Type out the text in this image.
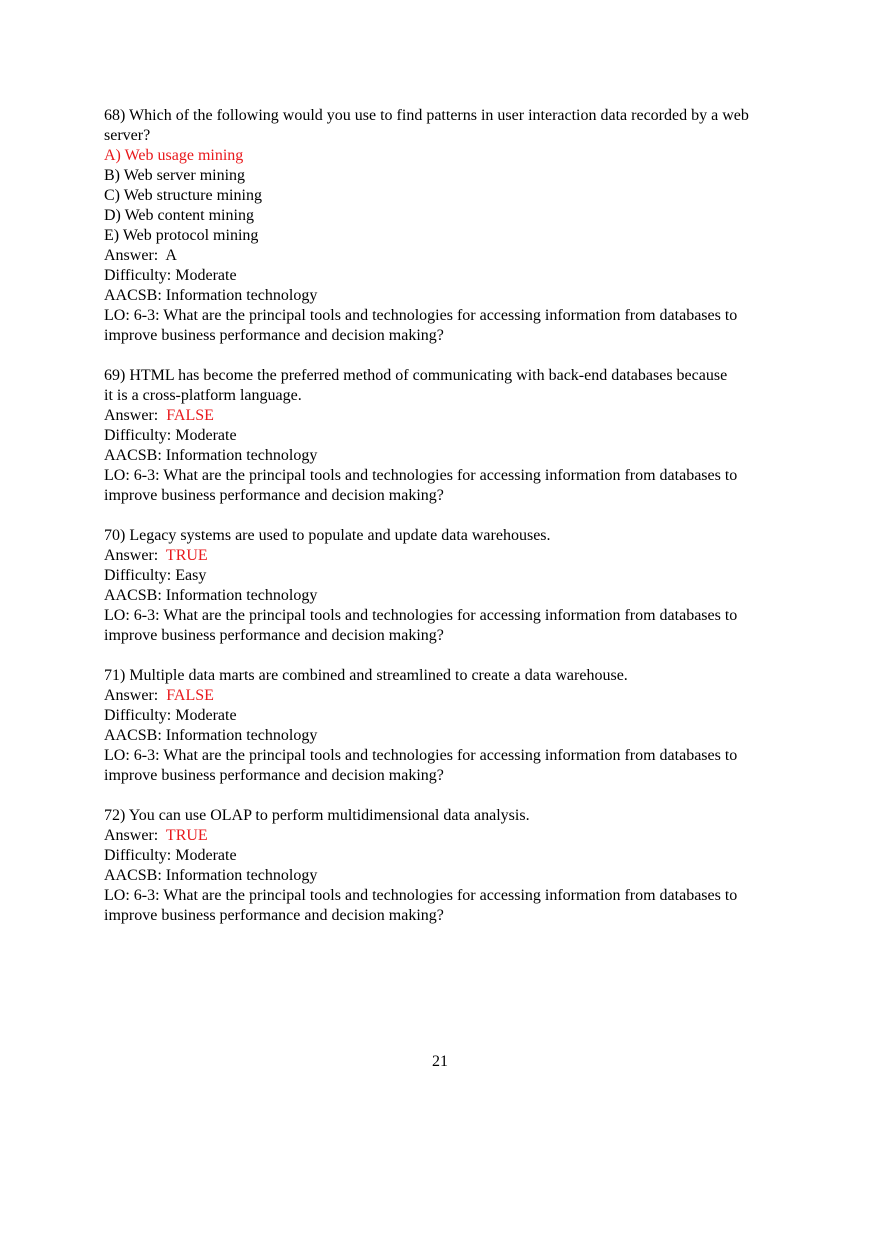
68) Which of the following would you use to find patterns in user interaction data recorded by a web server?
A) Web usage mining
B) Web server mining
C) Web structure mining
D) Web content mining
E) Web protocol mining
Answer:  A
Difficulty: Moderate
AACSB: Information technology
LO: 6-3: What are the principal tools and technologies for accessing information from databases to improve business performance and decision making?
69) HTML has become the preferred method of communicating with back-end databases because it is a cross-platform language.
Answer:  FALSE
Difficulty: Moderate
AACSB: Information technology
LO: 6-3: What are the principal tools and technologies for accessing information from databases to improve business performance and decision making?
70) Legacy systems are used to populate and update data warehouses.
Answer:  TRUE
Difficulty: Easy
AACSB: Information technology
LO: 6-3: What are the principal tools and technologies for accessing information from databases to improve business performance and decision making?
71) Multiple data marts are combined and streamlined to create a data warehouse.
Answer:  FALSE
Difficulty: Moderate
AACSB: Information technology
LO: 6-3: What are the principal tools and technologies for accessing information from databases to improve business performance and decision making?
72) You can use OLAP to perform multidimensional data analysis.
Answer:  TRUE
Difficulty: Moderate
AACSB: Information technology
LO: 6-3: What are the principal tools and technologies for accessing information from databases to improve business performance and decision making?
21
